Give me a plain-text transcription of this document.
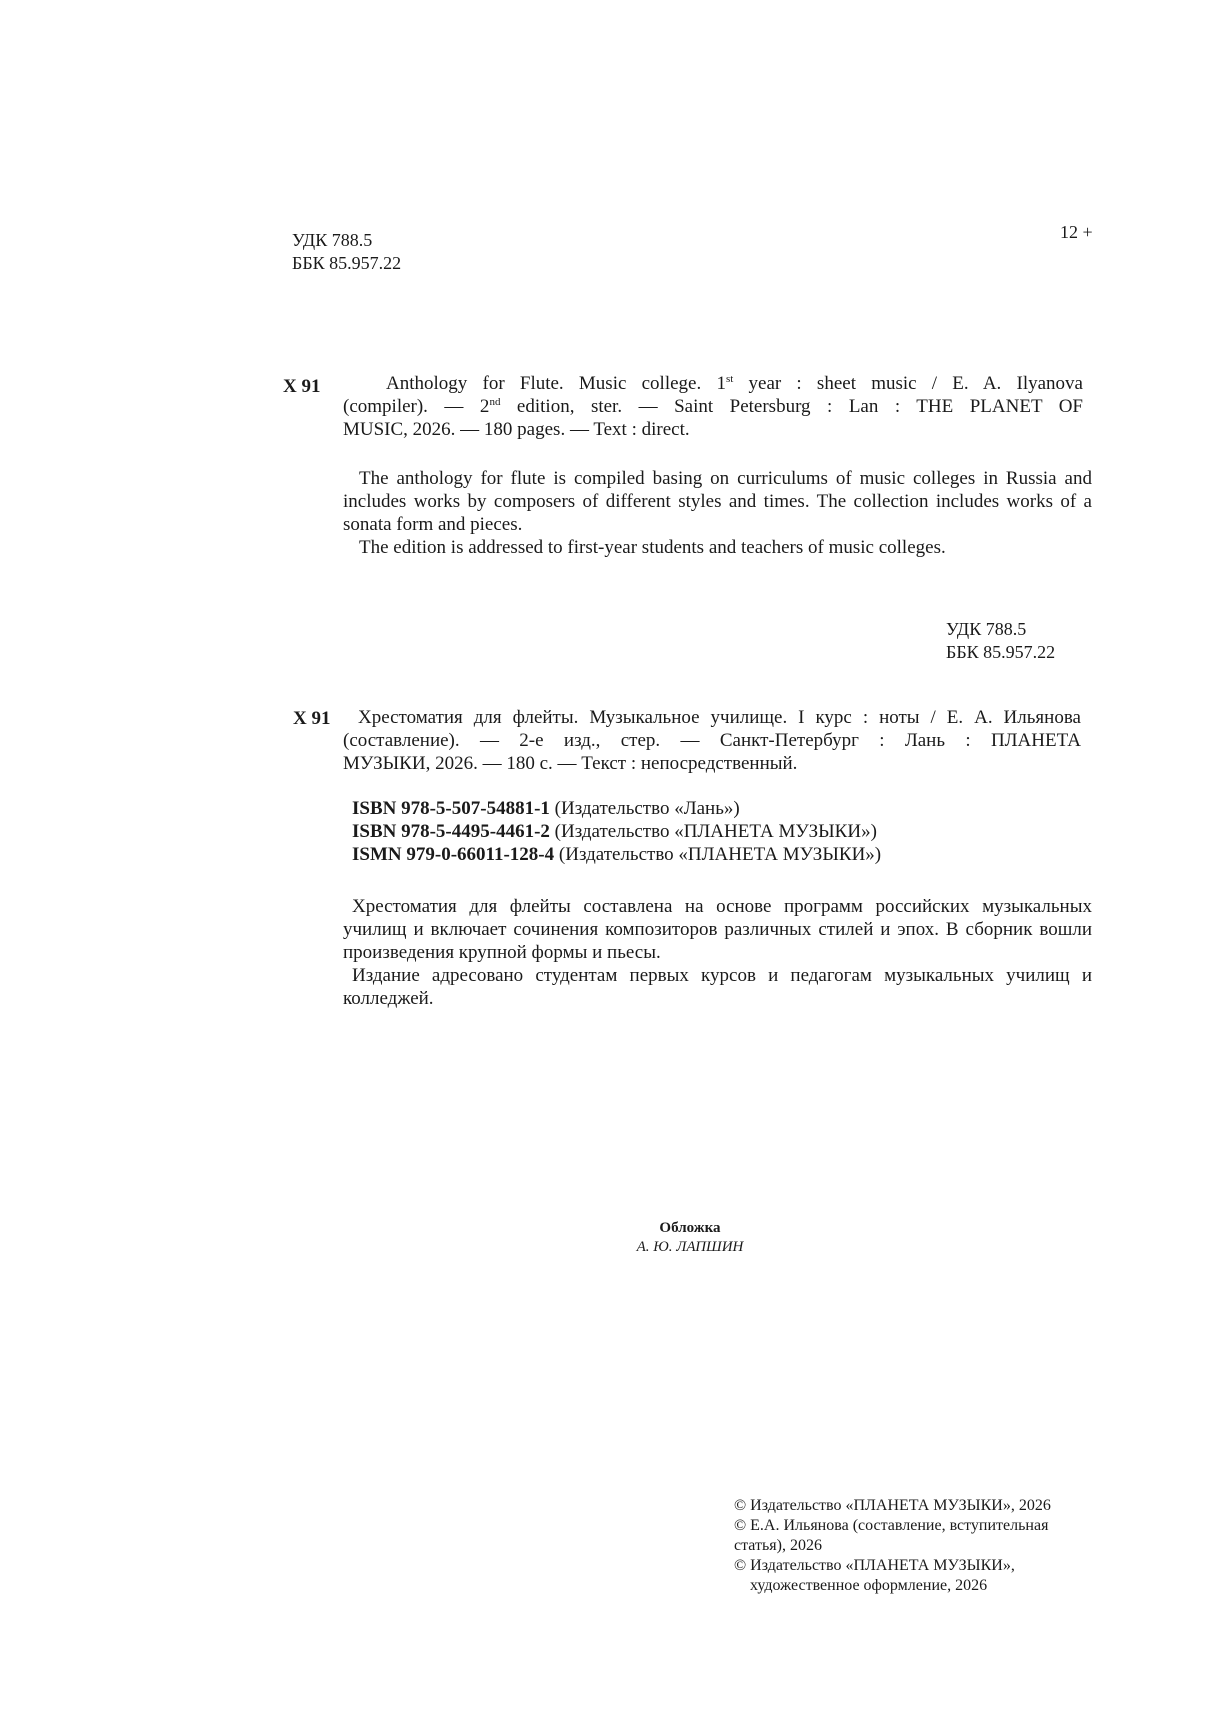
УДК 788.5
ББК 85.957.22
12 +
Х 91	Anthology for Flute. Music college. 1st year : sheet music / E. A. Ilyanova
(compiler). — 2nd edition, ster. — Saint Petersburg : Lan : THE PLANET OF
MUSIC, 2026. — 180 pages. — Text : direct.
The anthology for flute is compiled basing on curriculums of music colleges in Russia and includes works by composers of different styles and times. The collection includes works of a sonata form and pieces.
The edition is addressed to first-year students and teachers of music colleges.
УДК 788.5
ББК 85.957.22
Х 91	Хрестоматия для флейты. Музыкальное училище. I курс : ноты / Е. А. Ильянова
(составление). — 2-е изд., стер. — Санкт-Петербург : Лань : ПЛАНЕТА
МУЗЫКИ, 2026. — 180 с. — Текст : непосредственный.
ISBN 978-5-507-54881-1 (Издательство «Лань»)
ISBN 978-5-4495-4461-2 (Издательство «ПЛАНЕТА МУЗЫКИ»)
ISMN 979-0-66011-128-4 (Издательство «ПЛАНЕТА МУЗЫКИ»)
Хрестоматия для флейты составлена на основе программ российских музыкальных училищ и включает сочинения композиторов различных стилей и эпох. В сборник вошли произведения крупной формы и пьесы.
Издание адресовано студентам первых курсов и педагогам музыкальных училищ и колледжей.
Обложка
А. Ю. ЛАПШИН
© Издательство «ПЛАНЕТА МУЗЫКИ», 2026
© Е.А. Ильянова (составление, вступительная
статья), 2026
© Издательство «ПЛАНЕТА МУЗЫКИ»,
художественное оформление, 2026
